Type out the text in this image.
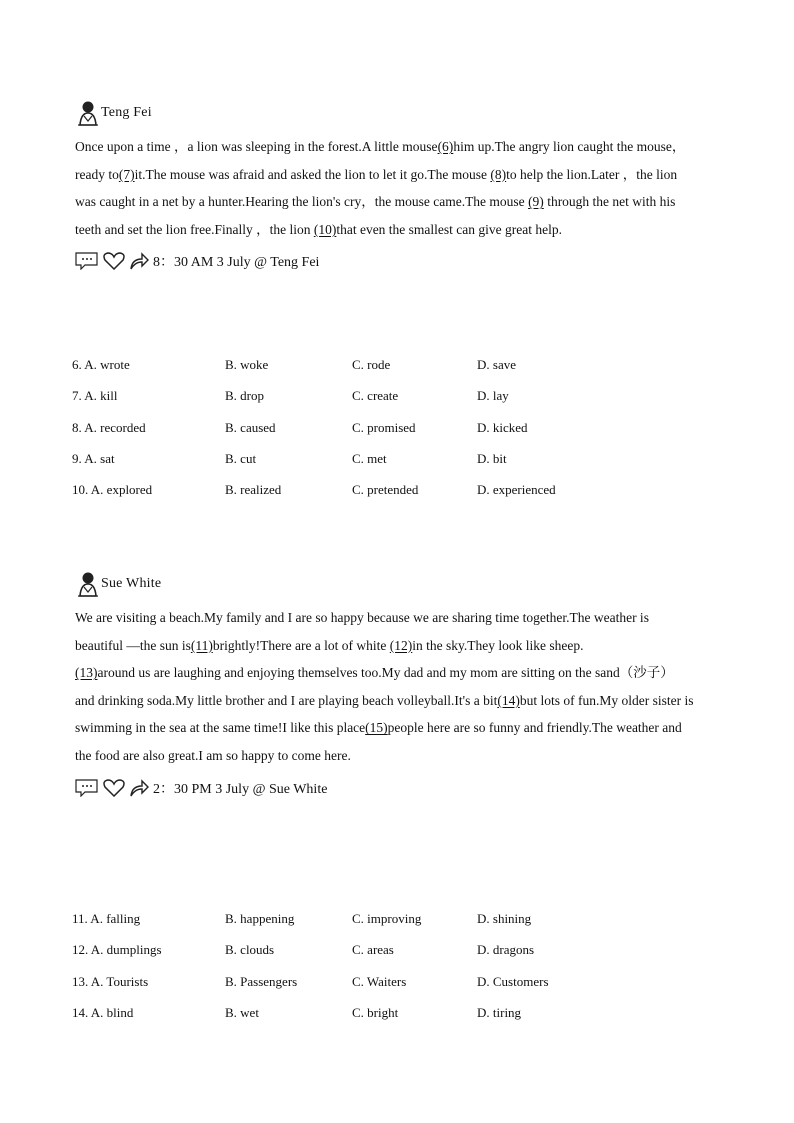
Teng Fei
Once upon a time ，a lion was sleeping in the forest.A little mouse(6)him up.The angry lion caught the mouse，ready to(7)it.The mouse was afraid and asked the lion to let it go.The mouse (8)to help the lion.Later ，the lion was caught in a net by a hunter.Hearing the lion's cry，the mouse came.The mouse (9) through the net with his teeth and set the lion free.Finally ，the lion (10)that even the smallest can give great help.
8：30 AM 3 July @ Teng Fei
6. A. wrote	B. woke	C. rode	D. save
7. A. kill	B. drop	C. create	D. lay
8. A. recorded	B. caused	C. promised	D. kicked
9. A. sat	B. cut	C. met	D. bit
10. A. explored	B. realized	C. pretended	D. experienced
Sue White
We are visiting a beach.My family and I are so happy because we are sharing time together.The weather is beautiful —the sun is(11)brightly!There are a lot of white (12)in the sky.They look like sheep.
(13)around us are laughing and enjoying themselves too.My dad and my mom are sitting on the sand（沙子） and drinking soda.My little brother and I are playing beach volleyball.It's a bit(14)but lots of fun.My older sister is swimming in the sea at the same time!I like this place(15)people here are so funny and friendly.The weather and the food are also great.I am so happy to come here.
2：30 PM 3 July @ Sue White
11. A. falling	B. happening	C. improving	D. shining
12. A. dumplings	B. clouds	C. areas	D. dragons
13. A. Tourists	B. Passengers	C. Waiters	D. Customers
14. A. blind	B. wet	C. bright	D. tiring
